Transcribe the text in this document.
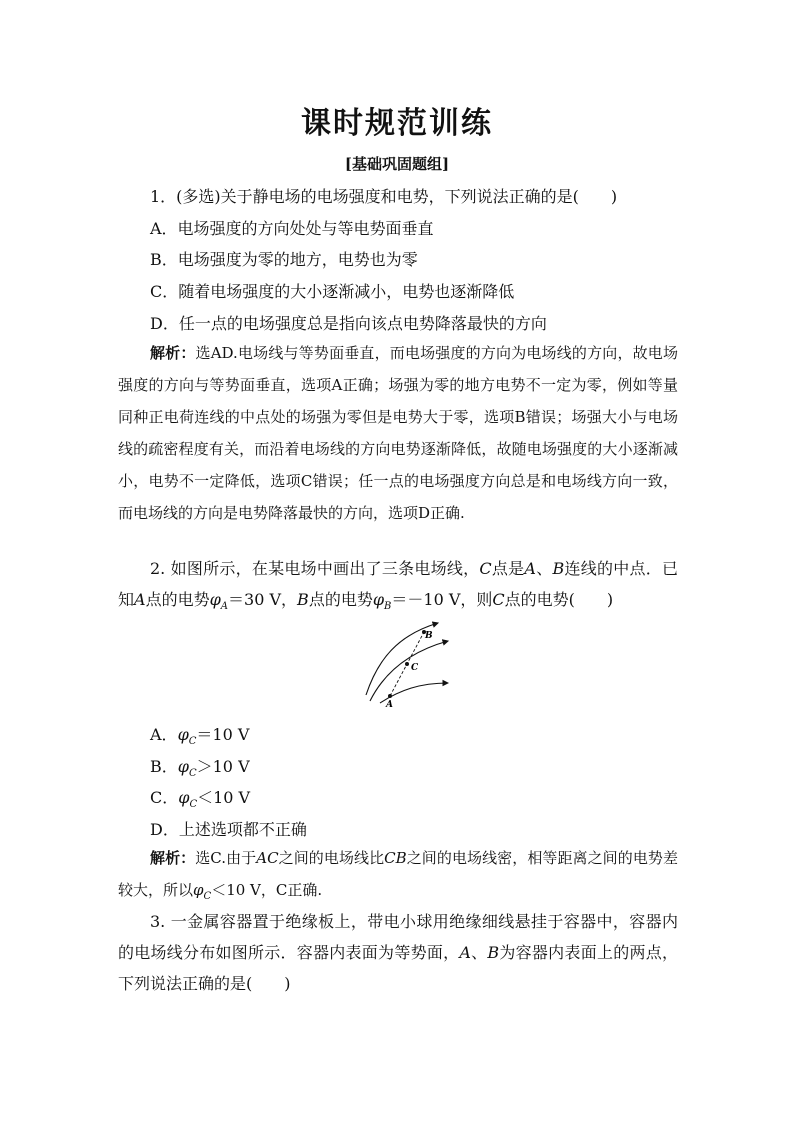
课时规范训练
[基础巩固题组]
1．(多选)关于静电场的电场强度和电势，下列说法正确的是(　　)
A．电场强度的方向处处与等电势面垂直
B．电场强度为零的地方，电势也为零
C．随着电场强度的大小逐渐减小，电势也逐渐降低
D．任一点的电场强度总是指向该点电势降落最快的方向
解析：选AD.电场线与等势面垂直，而电场强度的方向为电场线的方向，故电场强度的方向与等势面垂直，选项A正确；场强为零的地方电势不一定为零，例如等量同种正电荷连线的中点处的场强为零但是电势大于零，选项B错误；场强大小与电场线的疏密程度有关，而沿着电场线的方向电势逐渐降低，故随电场强度的大小逐渐减小，电势不一定降低，选项C错误；任一点的电场强度方向总是和电场线方向一致，而电场线的方向是电势降落最快的方向，选项D正确.
2. 如图所示，在某电场中画出了三条电场线，C点是A、B连线的中点．已知A点的电势$\varphi_A=30$ V，B点的电势$\varphi_B=-10$ V，则C点的电势(　　)
A
B
C
A．$\varphi_C=10$ V
B．$\varphi_C>10$ V
C．$\varphi_C<10$ V
D．上述选项都不正确
解析：选C.由于AC之间的电场线比CB之间的电场线密，相等距离之间的电势差较大，所以$\varphi_C<10$ V，C正确.
3. 一金属容器置于绝缘板上，带电小球用绝缘细线悬挂于容器中，容器内的电场线分布如图所示．容器内表面为等势面，A、B为容器内表面上的两点，下列说法正确的是(　　)
